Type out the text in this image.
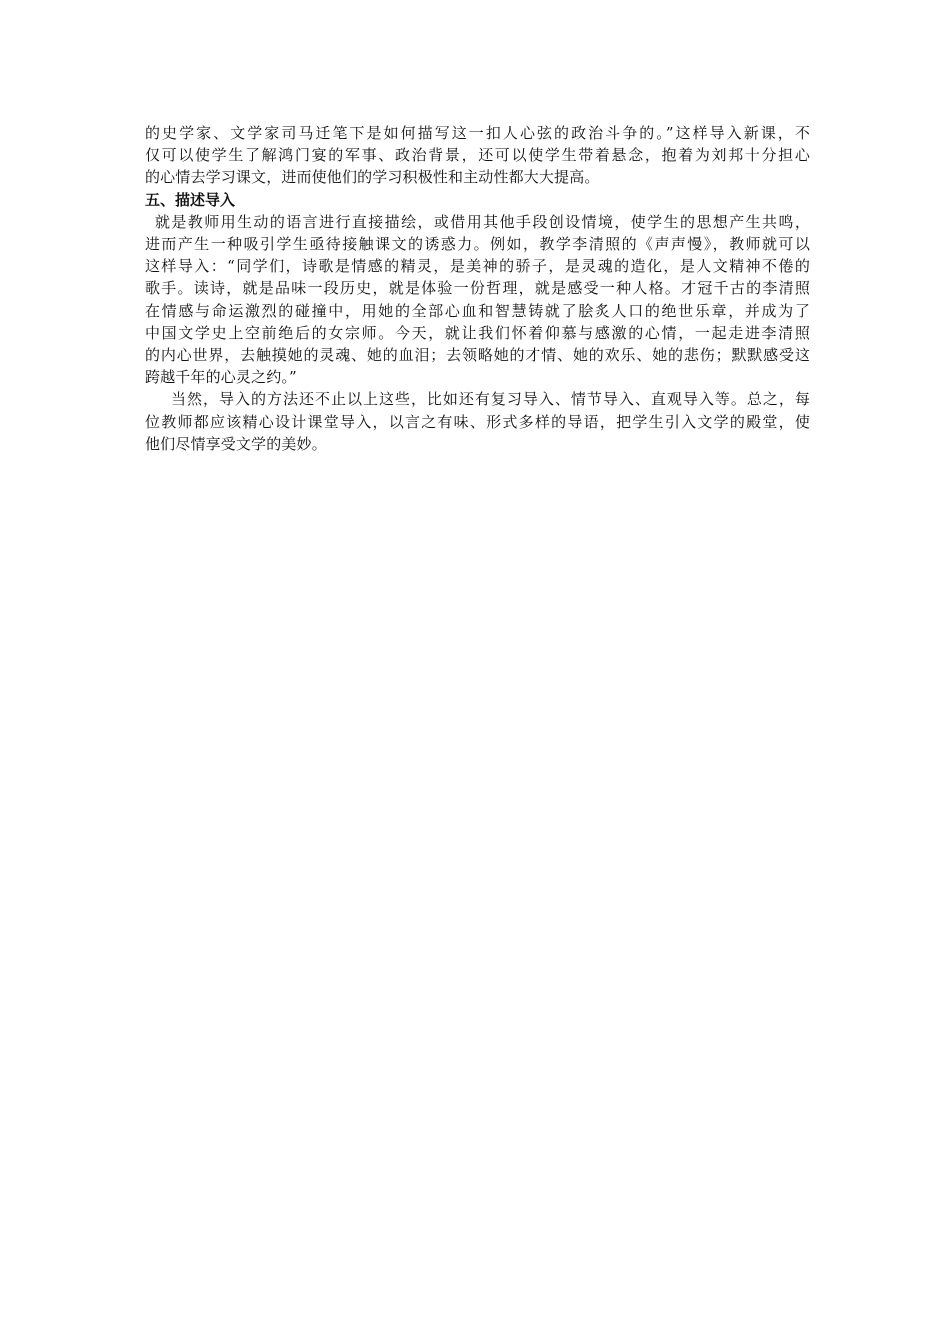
的史学家、文学家司马迁笔下是如何描写这一扣人心弦的政治斗争的。”这样导入新课，不
仅可以使学生了解鸿门宴的军事、政治背景，还可以使学生带着悬念，抱着为刘邦十分担心
的心情去学习课文，进而使他们的学习积极性和主动性都大大提高。
五、描述导入
就是教师用生动的语言进行直接描绘，或借用其他手段创设情境，使学生的思想产生共鸣，
进而产生一种吸引学生亟待接触课文的诱惑力。例如，教学李清照的《声声慢》，教师就可以
这样导入：“同学们，诗歌是情感的精灵，是美神的骄子，是灵魂的造化，是人文精神不倦的
歌手。读诗，就是品味一段历史，就是体验一份哲理，就是感受一种人格。才冠千古的李清照
在情感与命运激烈的碰撞中，用她的全部心血和智慧铸就了脍炙人口的绝世乐章，并成为了
中国文学史上空前绝后的女宗师。今天，就让我们怀着仰慕与感激的心情，一起走进李清照
的内心世界，去触摸她的灵魂、她的血泪；去领略她的才情、她的欢乐、她的悲伤；默默感受这
跨越千年的心灵之约。”
当然，导入的方法还不止以上这些，比如还有复习导入、情节导入、直观导入等。总之，每
位教师都应该精心设计课堂导入，以言之有味、形式多样的导语，把学生引入文学的殿堂，使
他们尽情享受文学的美妙。
